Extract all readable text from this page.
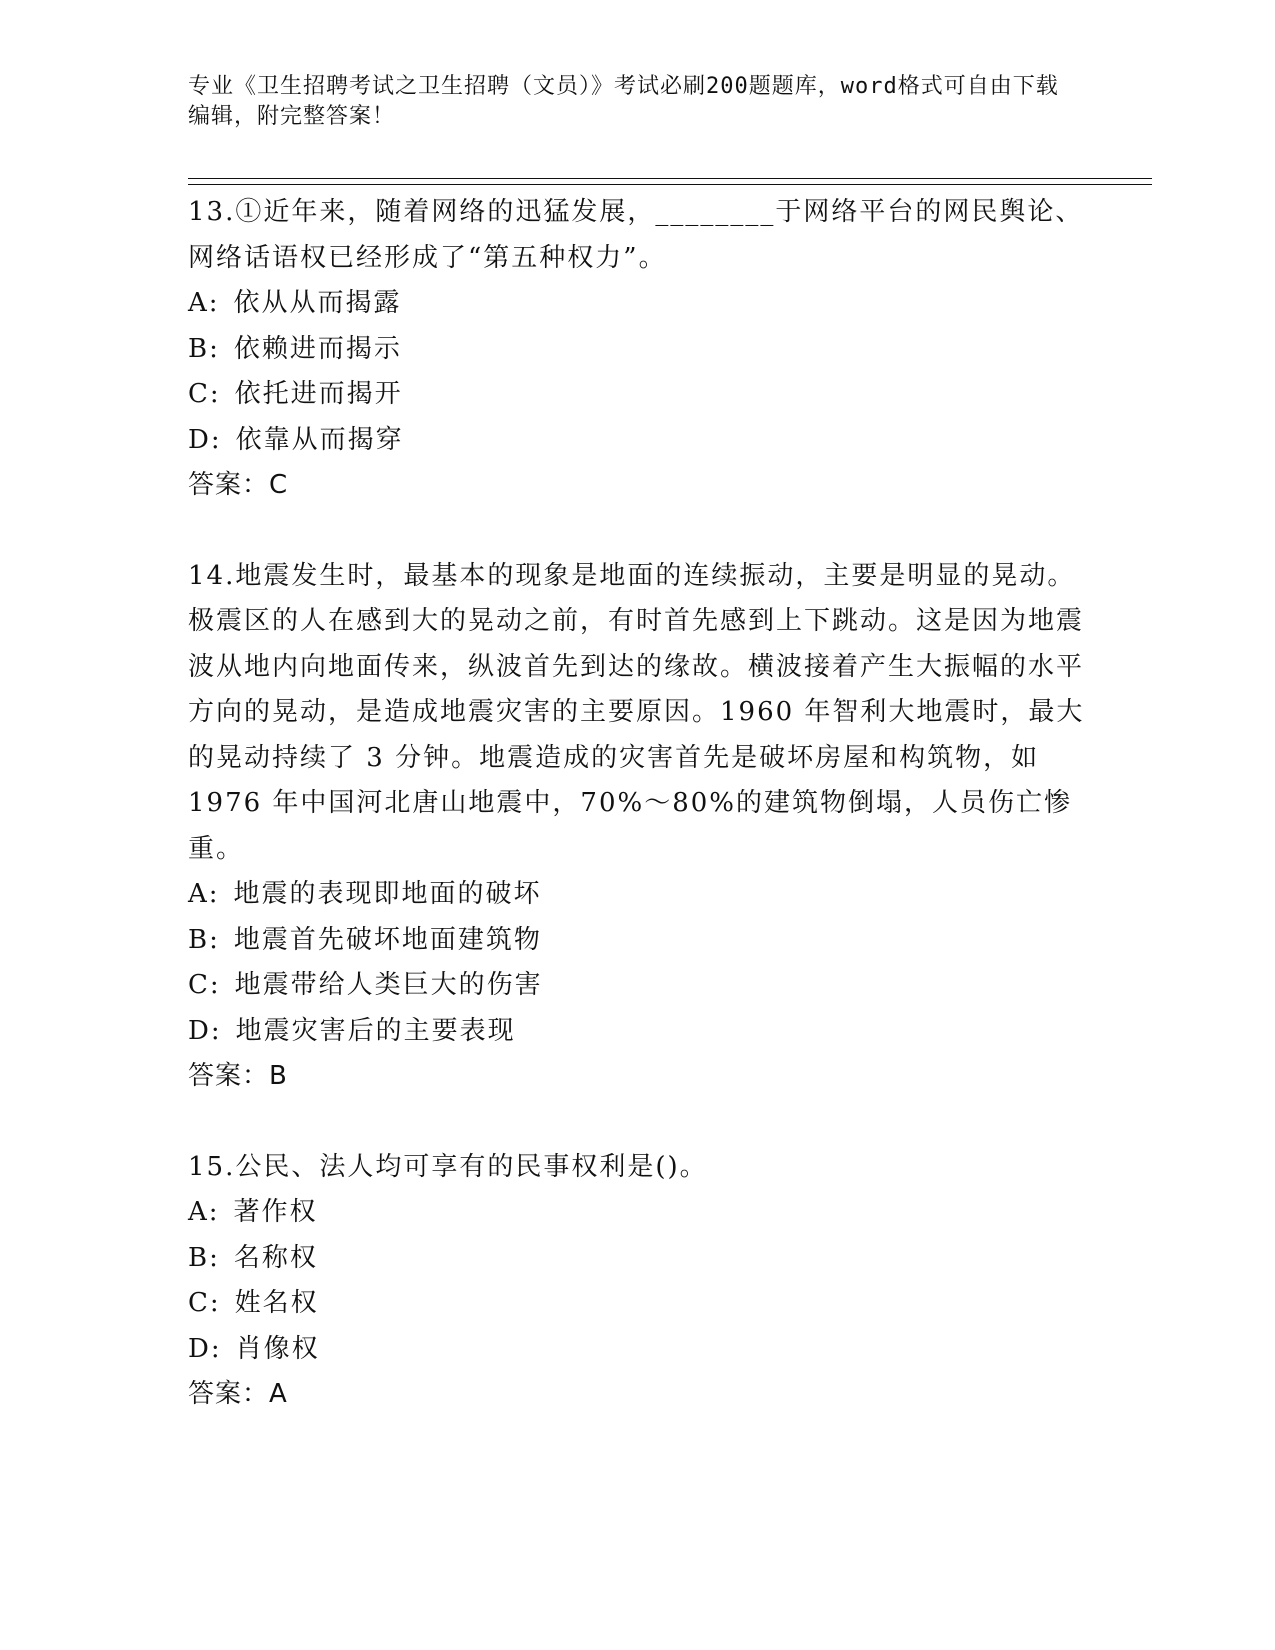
专业《卫生招聘考试之卫生招聘（文员）》考试必刷200题题库，word格式可自由下载编辑，附完整答案！

13.①近年来，随着网络的迅猛发展，________于网络平台的网民舆论、网络话语权已经形成了“第五种权力”。

A: 依从从而揭露

B: 依赖进而揭示

C: 依托进而揭开

D: 依靠从而揭穿

答案：C

14.地震发生时，最基本的现象是地面的连续振动，主要是明显的晃动。极震区的人在感到大的晃动之前，有时首先感到上下跳动。这是因为地震波从地内向地面传来，纵波首先到达的缘故。横波接着产生大振幅的水平方向的晃动，是造成地震灾害的主要原因。1960 年智利大地震时，最大的晃动持续了 3 分钟。地震造成的灾害首先是破坏房屋和构筑物，如 1976 年中国河北唐山地震中，70%～80%的建筑物倒塌，人员伤亡惨重。

A: 地震的表现即地面的破坏

B: 地震首先破坏地面建筑物

C: 地震带给人类巨大的伤害

D: 地震灾害后的主要表现

答案：B

15.公民、法人均可享有的民事权利是()。

A: 著作权

B: 名称权

C: 姓名权

D: 肖像权

答案：A
